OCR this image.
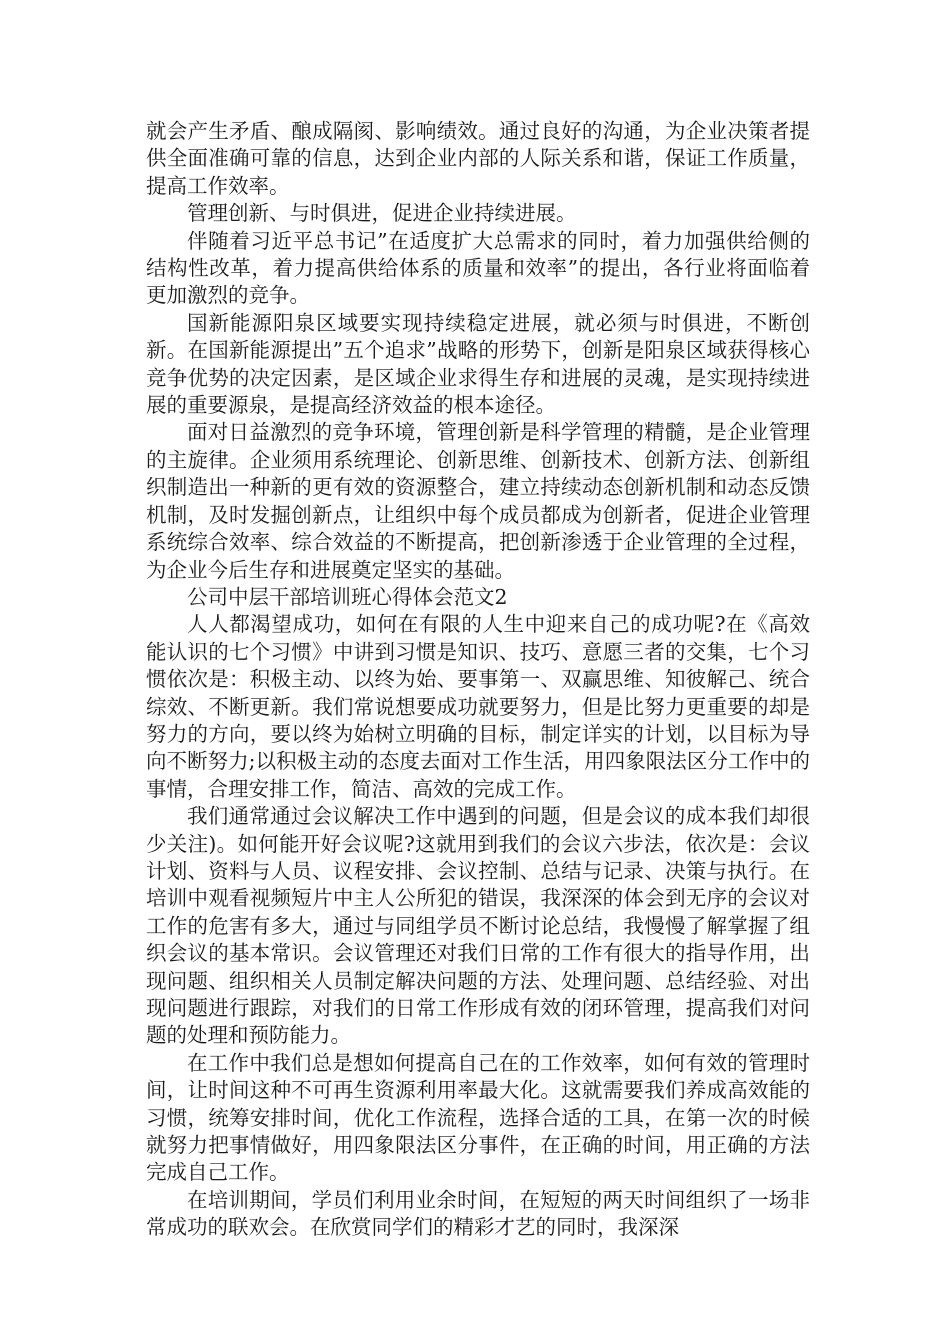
就会产生矛盾、酿成隔阂、影响绩效。通过良好的沟通，为企业决策者提供全面准确可靠的信息，达到企业内部的人际关系和谐，保证工作质量，提高工作效率。

管理创新、与时俱进，促进企业持续进展。

伴随着习近平总书记”在适度扩大总需求的同时，着力加强供给侧的结构性改革，着力提高供给体系的质量和效率”的提出，各行业将面临着更加激烈的竞争。

国新能源阳泉区域要实现持续稳定进展，就必须与时俱进，不断创新。在国新能源提出”五个追求”战略的形势下，创新是阳泉区域获得核心竞争优势的决定因素，是区域企业求得生存和进展的灵魂，是实现持续进展的重要源泉，是提高经济效益的根本途径。

面对日益激烈的竞争环境，管理创新是科学管理的精髓，是企业管理的主旋律。企业须用系统理论、创新思维、创新技术、创新方法、创新组织制造出一种新的更有效的资源整合，建立持续动态创新机制和动态反馈机制，及时发掘创新点，让组织中每个成员都成为创新者，促进企业管理系统综合效率、综合效益的不断提高，把创新渗透于企业管理的全过程，为企业今后生存和进展奠定坚实的基础。

公司中层干部培训班心得体会范文2

人人都渴望成功，如何在有限的人生中迎来自己的成功呢?在《高效能认识的七个习惯》中讲到习惯是知识、技巧、意愿三者的交集，七个习惯依次是：积极主动、以终为始、要事第一、双赢思维、知彼解己、统合综效、不断更新。我们常说想要成功就要努力，但是比努力更重要的却是努力的方向，要以终为始树立明确的目标，制定详实的计划，以目标为导向不断努力;以积极主动的态度去面对工作生活，用四象限法区分工作中的事情，合理安排工作，简洁、高效的完成工作。

我们通常通过会议解决工作中遇到的问题，但是会议的成本我们却很少关注)。如何能开好会议呢?这就用到我们的会议六步法，依次是：会议计划、资料与人员、议程安排、会议控制、总结与记录、决策与执行。在培训中观看视频短片中主人公所犯的错误，我深深的体会到无序的会议对工作的危害有多大，通过与同组学员不断讨论总结，我慢慢了解掌握了组织会议的基本常识。会议管理还对我们日常的工作有很大的指导作用，出现问题、组织相关人员制定解决问题的方法、处理问题、总结经验、对出现问题进行跟踪，对我们的日常工作形成有效的闭环管理，提高我们对问题的处理和预防能力。

在工作中我们总是想如何提高自己在的工作效率，如何有效的管理时间，让时间这种不可再生资源利用率最大化。这就需要我们养成高效能的习惯，统筹安排时间，优化工作流程，选择合适的工具，在第一次的时候就努力把事情做好，用四象限法区分事件，在正确的时间，用正确的方法完成自己工作。

在培训期间，学员们利用业余时间，在短短的两天时间组织了一场非常成功的联欢会。在欣赏同学们的精彩才艺的同时，我深深
